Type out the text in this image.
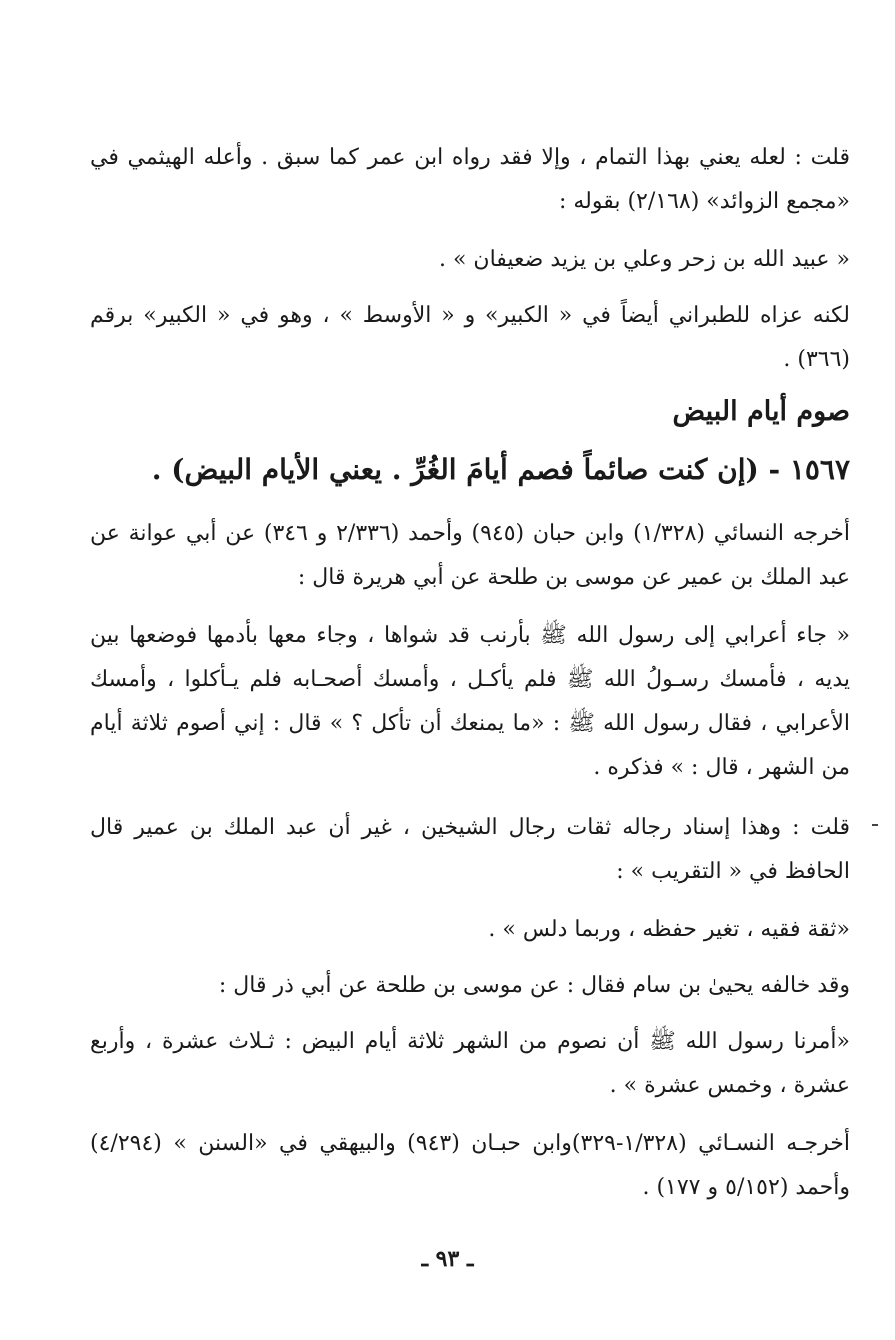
قلت : لعله يعني بهذا التمام ، وإلا فقد رواه ابن عمر كما سبق . وأعله الهيثمي في «مجمع الزوائد» (٢/١٦٨) بقوله :
« عبيد الله بن زحر وعلي بن يزيد ضعيفان » .
لكنه عزاه للطبراني أيضاً في « الكبير» و « الأوسط » ، وهو في « الكبير» برقم (٣٦٦) .
صوم أيام البيض
١٥٦٧ - (إن كنت صائماً فصم أيامَ الغُرِّ . يعني الأيام البيض) .
أخرجه النسائي (١/٣٢٨) وابن حبان (٩٤٥) وأحمد (٢/٣٣٦ و ٣٤٦) عن أبي عوانة عن عبد الملك بن عمير عن موسى بن طلحة عن أبي هريرة قال :
« جاء أعرابي إلى رسول الله ﷺ بأرنب قد شواها ، وجاء معها بأدمها فوضعها بين يديه ، فأمسك رسـولُ الله ﷺ فلم يأكـل ، وأمسك أصحـابه فلم يـأكلوا ، وأمسك الأعرابي ، فقال رسول الله ﷺ : «ما يمنعك أن تأكل ؟ » قال : إني أصوم ثلاثة أيام من الشهر ، قال : » فذكره .
قلت : وهذا إسناد رجاله ثقات رجال الشيخين ، غير أن عبد الملك بن عمير قال الحافظ في « التقريب » :
«ثقة فقيه ، تغير حفظه ، وربما دلس » .
وقد خالفه يحيىٰ بن سام فقال : عن موسى بن طلحة عن أبي ذر قال :
«أمرنا رسول الله ﷺ أن نصوم من الشهر ثلاثة أيام البيض : ثـلاث عشرة ، وأربع عشرة ، وخمس عشرة » .
أخرجـه النسـائي (١/٣٢٨-٣٢٩)وابن حبـان (٩٤٣) والبيهقي في «السنن » (٤/٢٩٤) وأحمد (٥/١٥٢ و ١٧٧) .
ـ ٩٣ ـ
